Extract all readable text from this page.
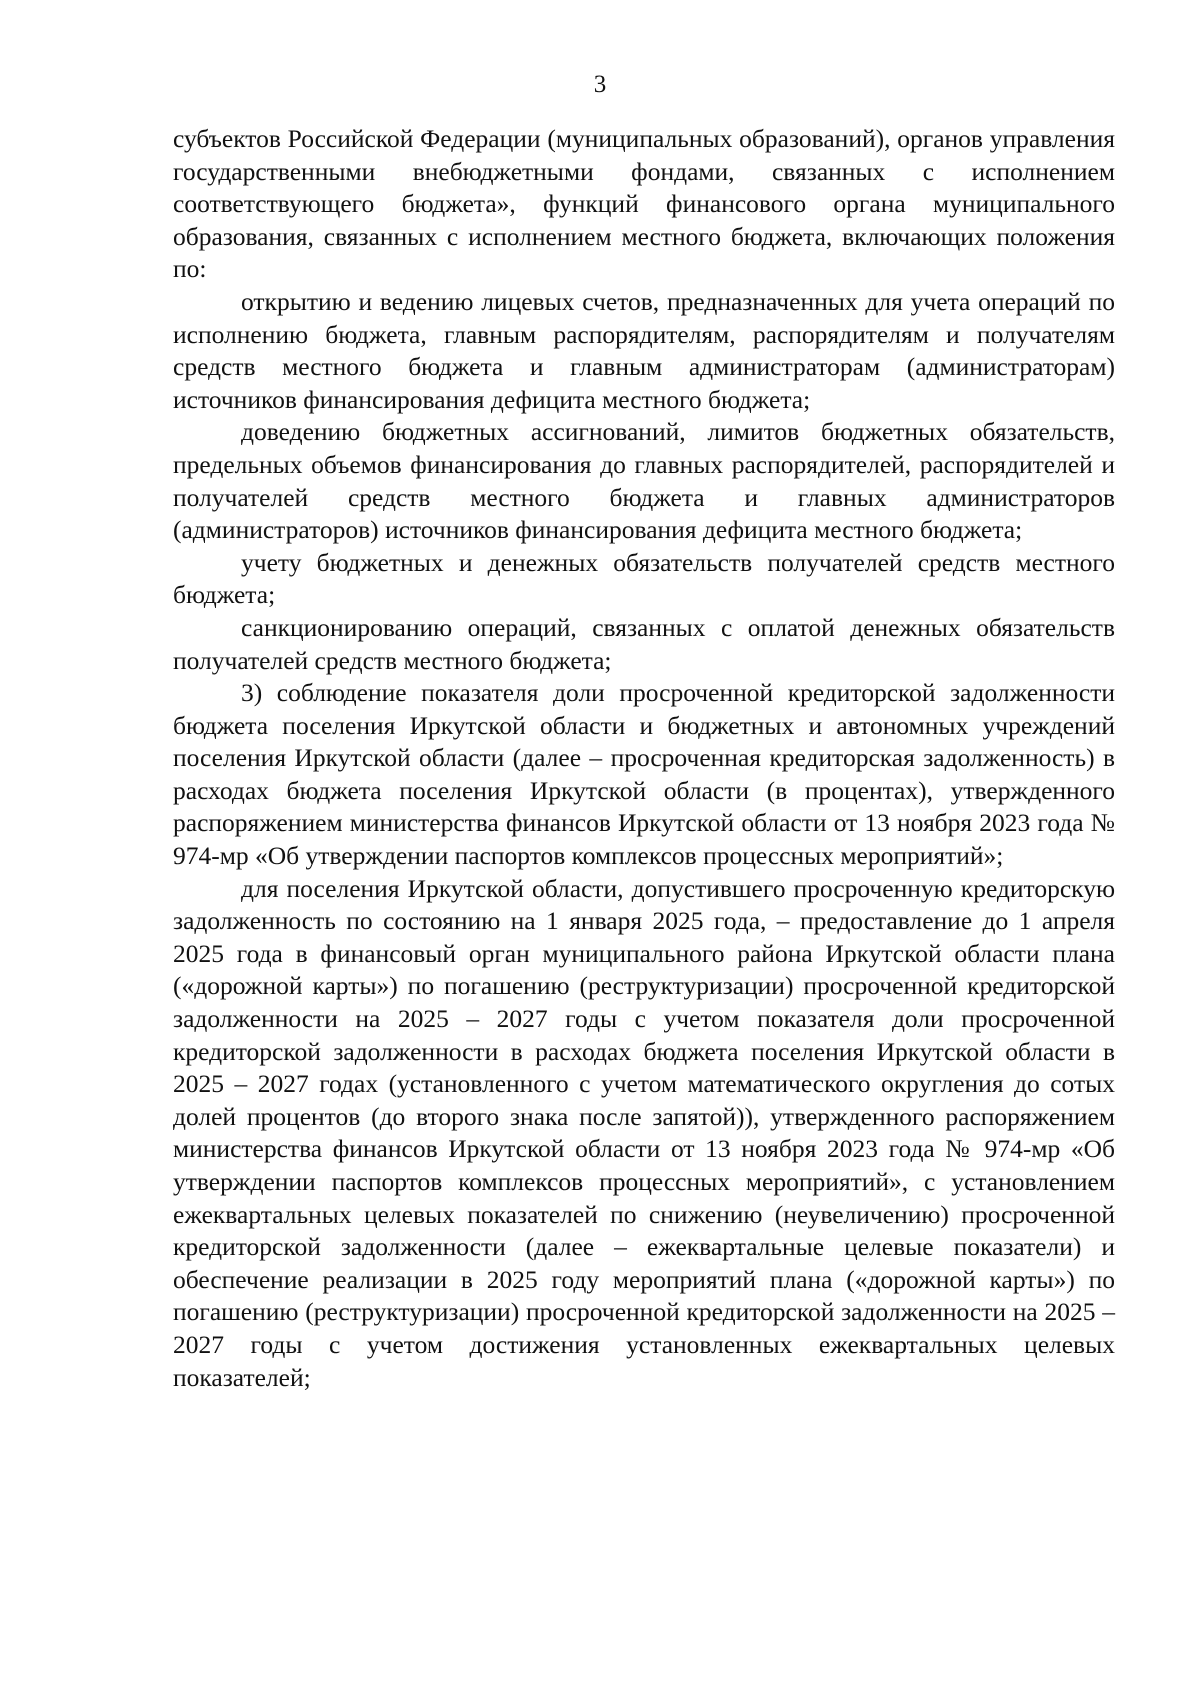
3

субъектов Российской Федерации (муниципальных образований), органов управления государственными внебюджетными фондами, связанных с исполнением соответствующего бюджета», функций финансового органа муниципального образования, связанных с исполнением местного бюджета, включающих положения по:

открытию и ведению лицевых счетов, предназначенных для учета операций по исполнению бюджета, главным распорядителям, распорядителям и получателям средств местного бюджета и главным администраторам (администраторам) источников финансирования дефицита местного бюджета;

доведению бюджетных ассигнований, лимитов бюджетных обязательств, предельных объемов финансирования до главных распорядителей, распорядителей и получателей средств местного бюджета и главных администраторов (администраторов) источников финансирования дефицита местного бюджета;

учету бюджетных и денежных обязательств получателей средств местного бюджета;

санкционированию операций, связанных с оплатой денежных обязательств получателей средств местного бюджета;

3) соблюдение показателя доли просроченной кредиторской задолженности бюджета поселения Иркутской области и бюджетных и автономных учреждений поселения Иркутской области (далее – просроченная кредиторская задолженность) в расходах бюджета поселения Иркутской области (в процентах), утвержденного распоряжением министерства финансов Иркутской области от 13 ноября 2023 года № 974-мр «Об утверждении паспортов комплексов процессных мероприятий»;

для поселения Иркутской области, допустившего просроченную кредиторскую задолженность по состоянию на 1 января 2025 года, – предоставление до 1 апреля 2025 года в финансовый орган муниципального района Иркутской области плана («дорожной карты») по погашению (реструктуризации) просроченной кредиторской задолженности на 2025 – 2027 годы с учетом показателя доли просроченной кредиторской задолженности в расходах бюджета поселения Иркутской области в 2025 – 2027 годах (установленного с учетом математического округления до сотых долей процентов (до второго знака после запятой)), утвержденного распоряжением министерства финансов Иркутской области от 13 ноября 2023 года № 974-мр «Об утверждении паспортов комплексов процессных мероприятий», с установлением ежеквартальных целевых показателей по снижению (неувеличению) просроченной кредиторской задолженности (далее – ежеквартальные целевые показатели) и обеспечение реализации в 2025 году мероприятий плана («дорожной карты») по погашению (реструктуризации) просроченной кредиторской задолженности на 2025 – 2027 годы с учетом достижения установленных ежеквартальных целевых показателей;
